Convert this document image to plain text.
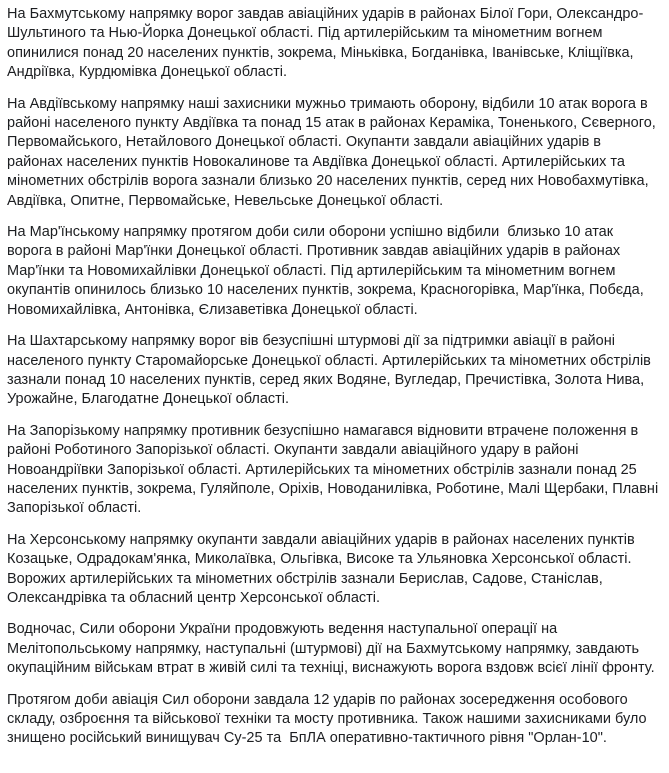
На Бахмутському напрямку ворог завдав авіаційних ударів в районах Білої Гори, Олександро-Шультиного та Нью-Йорка Донецької області. Під артилерійським та мінометним вогнем опинилися понад 20 населених пунктів, зокрема, Міньківка, Богданівка, Іванівське, Кліщіївка, Андріївка, Курдюмівка Донецької області.

На Авдіївському напрямку наші захисники мужньо тримають оборону, відбили 10 атак ворога в районі населеного пункту Авдіївка та понад 15 атак в районах Кераміка, Тоненького, Сєверного, Первомайського, Нетайлового Донецької області. Окупанти завдали авіаційних ударів в районах населених пунктів Новокалинове та Авдіївка Донецької області. Артилерійських та мінометних обстрілів ворога зазнали близько 20 населених пунктів, серед них Новобахмутівка, Авдіївка, Опитне, Первомайське, Невельське Донецької області.

На Мар'їнському напрямку протягом доби сили оборони успішно відбили  близько 10 атак ворога в районі Мар'їнки Донецької області. Противник завдав авіаційних ударів в районах Мар'їнки та Новомихайлівки Донецької області. Під артилерійським та мінометним вогнем окупантів опинилось близько 10 населених пунктів, зокрема, Красногорівка, Мар'їнка, Побєда, Новомихайлівка, Антонівка, Єлизаветівка Донецької області.

На Шахтарському напрямку ворог вів безуспішні штурмові дії за підтримки авіації в районі населеного пункту Старомайорське Донецької області. Артилерійських та мінометних обстрілів зазнали понад 10 населених пунктів, серед яких Водяне, Вугледар, Пречистівка, Золота Нива, Урожайне, Благодатне Донецької області.

На Запорізькому напрямку противник безуспішно намагався відновити втрачене положення в районі Роботиного Запорізької області. Окупанти завдали авіаційного удару в районі Новоандріївки Запорізької області. Артилерійських та мінометних обстрілів зазнали понад 25 населених пунктів, зокрема, Гуляйполе, Оріхів, Новоданилівка, Роботине, Малі Щербаки, Плавні Запорізької області.

На Херсонському напрямку окупанти завдали авіаційних ударів в районах населених пунктів Козацьке, Одрадокам'янка, Миколаївка, Ольгівка, Високе та Ульяновка Херсонської області. Ворожих артилерійських та мінометних обстрілів зазнали Берислав, Садове, Станіслав, Олександрівка та обласний центр Херсонської області.

Водночас, Сили оборони України продовжують ведення наступальної операції на Мелітопольському напрямку, наступальні (штурмові) дії на Бахмутському напрямку, завдають окупаційним військам втрат в живій силі та техніці, виснажують ворога вздовж всієї лінії фронту.

Протягом доби авіація Сил оборони завдала 12 ударів по районах зосередження особового складу, озброєння та військової техніки та мосту противника. Також нашими захисниками було знищено російський винищувач Су-25 та  БпЛА оперативно-тактичного рівня "Орлан-10".
